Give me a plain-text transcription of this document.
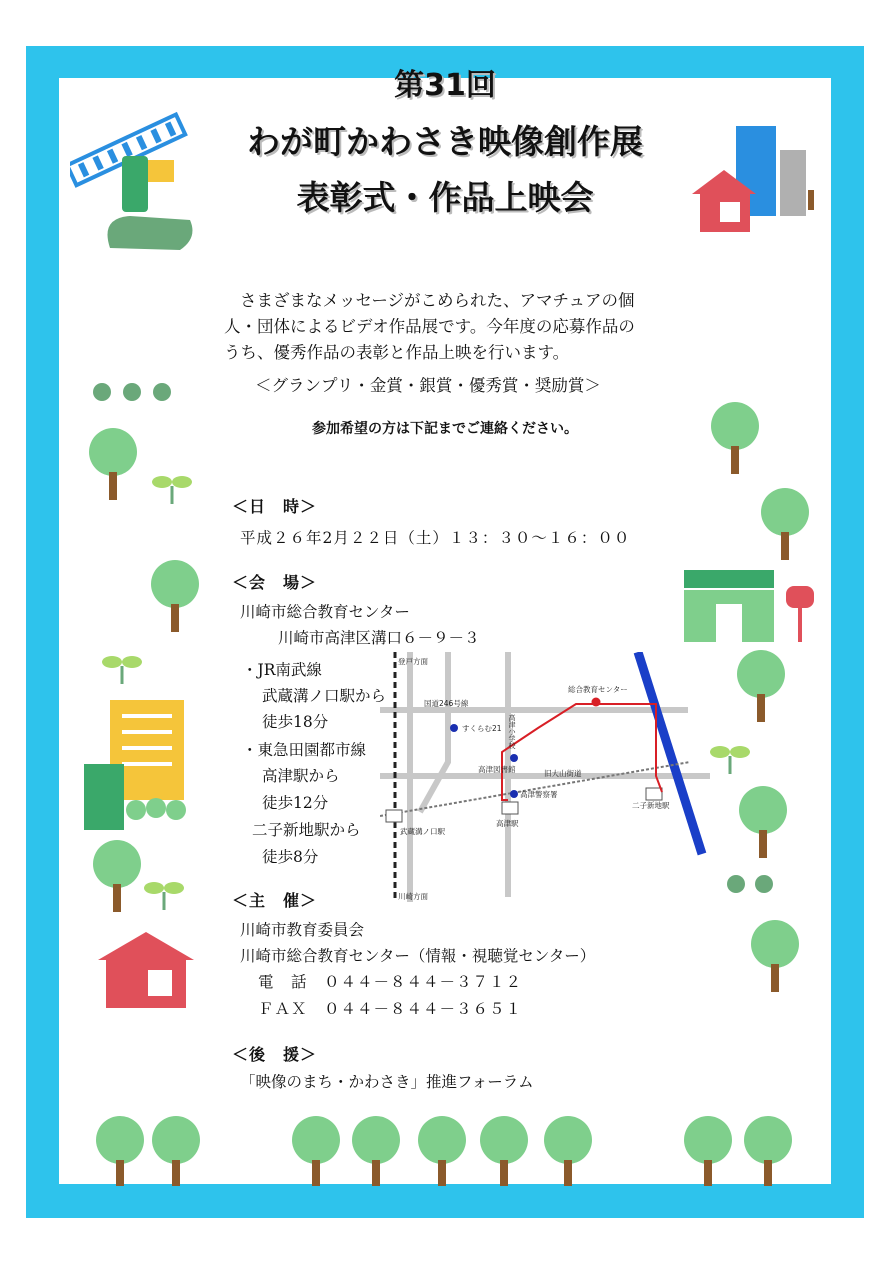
第31回
わが町かわさき映像創作展
表彰式・作品上映会

さまざまなメッセージがこめられた、アマチュアの個

人・団体によるビデオ作品展です。今年度の応募作品の

うち、優秀作品の表彰と作品上映を行います。

＜グランプリ・金賞・銀賞・優秀賞・奨励賞＞
参加希望の方は下記までご連絡ください。
＜日　時＞
平成２６年2月２２日（土）１３：３０～１６：００
＜会　場＞
川崎市総合教育センター
川崎市高津区溝口６－９－３
・JR南武線
武蔵溝ノ口駅から
徒歩18分
・東急田園都市線
高津駅から
徒歩12分
二子新地駅から
徒歩8分
登戸方面
川崎方面
国道246号線
総合教育センター
すくらむ21 高津小学校
高津図書館	旧大山街道
高津警察署
武蔵溝ノ口駅
高津駅
二子新地駅
＜主　催＞
川崎市教育委員会
川崎市総合教育センター（情報・視聴覚センター）
電　話　０４４－８４４－３７１２
ＦＡＸ　０４４－８４４－３６５１
＜後　援＞
「映像のまち・かわさき」推進フォーラム
